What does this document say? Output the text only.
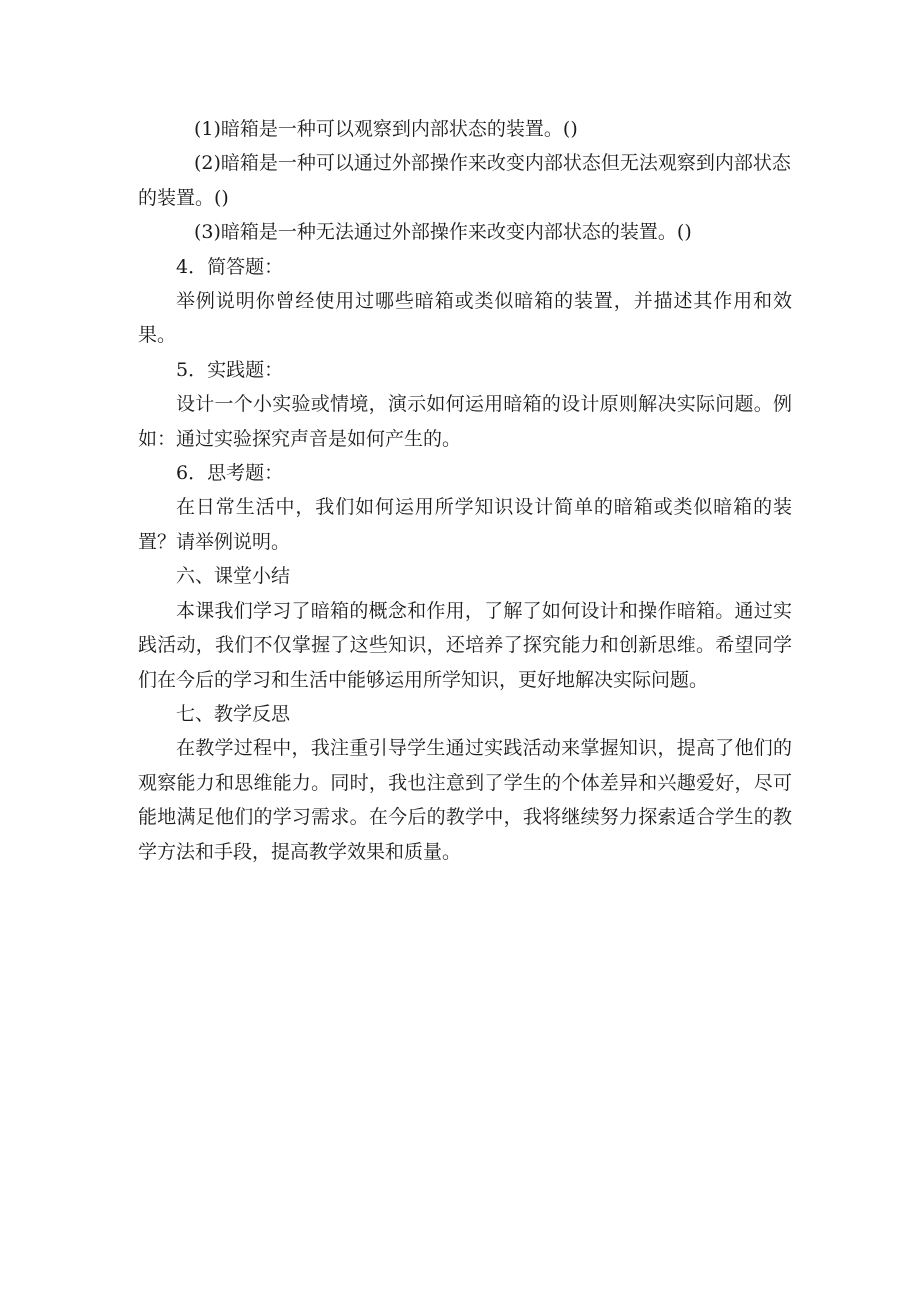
(1)暗箱是一种可以观察到内部状态的装置。()

(2)暗箱是一种可以通过外部操作来改变内部状态但无法观察到内部状态的装置。()

(3)暗箱是一种无法通过外部操作来改变内部状态的装置。()

4．简答题：

举例说明你曾经使用过哪些暗箱或类似暗箱的装置，并描述其作用和效果。

5．实践题：

设计一个小实验或情境，演示如何运用暗箱的设计原则解决实际问题。例如：通过实验探究声音是如何产生的。

6．思考题：

在日常生活中，我们如何运用所学知识设计简单的暗箱或类似暗箱的装置？请举例说明。

六、课堂小结

本课我们学习了暗箱的概念和作用，了解了如何设计和操作暗箱。通过实践活动，我们不仅掌握了这些知识，还培养了探究能力和创新思维。希望同学们在今后的学习和生活中能够运用所学知识，更好地解决实际问题。

七、教学反思

在教学过程中，我注重引导学生通过实践活动来掌握知识，提高了他们的观察能力和思维能力。同时，我也注意到了学生的个体差异和兴趣爱好，尽可能地满足他们的学习需求。在今后的教学中，我将继续努力探索适合学生的教学方法和手段，提高教学效果和质量。
